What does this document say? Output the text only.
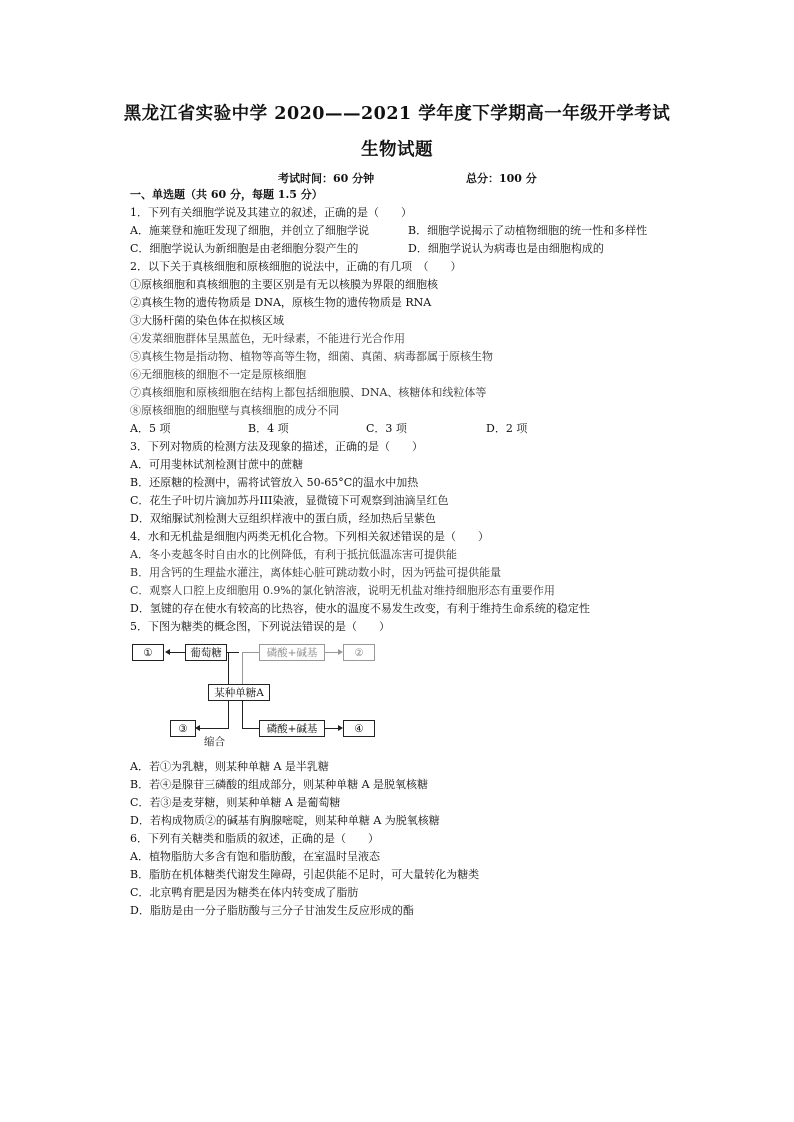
黑龙江省实验中学 2020——2021 学年度下学期高一年级开学考试
生物试题
考试时间：60 分钟	总分：100 分
一、单选题（共 60 分，每题 1.5 分）
1．下列有关细胞学说及其建立的叙述，正确的是（　　）
A．施莱登和施旺发现了细胞，并创立了细胞学说	B．细胞学说揭示了动植物细胞的统一性和多样性
C．细胞学说认为新细胞是由老细胞分裂产生的	D．细胞学说认为病毒也是由细胞构成的
2．以下关于真核细胞和原核细胞的说法中，正确的有几项　（　　）
①原核细胞和真核细胞的主要区别是有无以核膜为界限的细胞核
②真核生物的遗传物质是 DNA，原核生物的遗传物质是 RNA
③大肠杆菌的染色体在拟核区域
④发菜细胞群体呈黑蓝色，无叶绿素，不能进行光合作用
⑤真核生物是指动物、植物等高等生物，细菌、真菌、病毒都属于原核生物
⑥无细胞核的细胞不一定是原核细胞
⑦真核细胞和原核细胞在结构上都包括细胞膜、DNA、核糖体和线粒体等
⑧原核细胞的细胞壁与真核细胞的成分不同
A．5 项	B．4 项	C．3 项	D．2 项
3．下列对物质的检测方法及现象的描述，正确的是（　　）
A．可用斐林试剂检测甘蔗中的蔗糖
B．还原糖的检测中，需将试管放入 50-65°C的温水中加热
C．花生子叶切片滴加苏丹III染液，显微镜下可观察到油滴呈红色
D．双缩脲试剂检测大豆组织样液中的蛋白质，经加热后呈紫色
4．水和无机盐是细胞内两类无机化合物。下列相关叙述错误的是（　　）
A．冬小麦越冬时自由水的比例降低，有利于抵抗低温冻害可提供能
B．用含钙的生理盐水灌注，离体蛙心脏可跳动数小时，因为钙盐可提供能量
C．观察人口腔上皮细胞用 0.9%的氯化钠溶液，说明无机盐对维持细胞形态有重要作用
D．氢键的存在使水有较高的比热容，使水的温度不易发生改变，有利于维持生命系统的稳定性
5．下图为糖类的概念图，下列说法错误的是（　　）
①	葡萄糖	磷酸+碱基	②
某种单糖A
③
缩合
磷酸+碱基	④
A．若①为乳糖，则某种单糖 A 是半乳糖
B．若④是腺苷三磷酸的组成部分，则某种单糖 A 是脱氧核糖
C．若③是麦芽糖，则某种单糖 A 是葡萄糖
D．若构成物质②的碱基有胸腺嘧啶，则某种单糖 A 为脱氧核糖
6．下列有关糖类和脂质的叙述，正确的是（　　）
A．植物脂肪大多含有饱和脂肪酸，在室温时呈液态
B．脂肪在机体糖类代谢发生障碍，引起供能不足时，可大量转化为糖类
C．北京鸭育肥是因为糖类在体内转变成了脂肪
D．脂肪是由一分子脂肪酸与三分子甘油发生反应形成的酯
